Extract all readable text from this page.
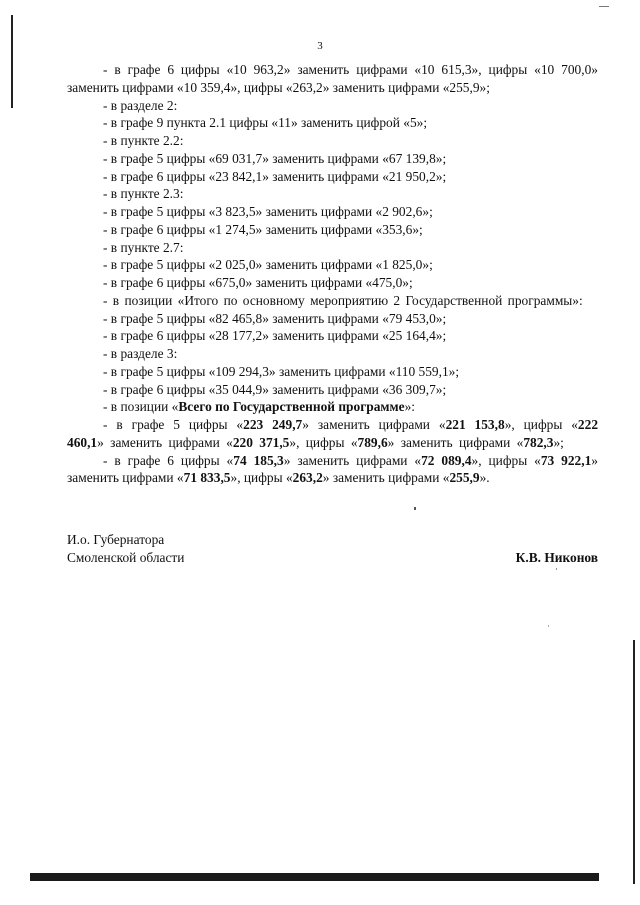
3

- в графе 6 цифры «10 963,2» заменить цифрами «10 615,3», цифры «10 700,0» заменить цифрами «10 359,4», цифры «263,2» заменить цифрами «255,9»;

- в разделе 2:

- в графе 9 пункта 2.1 цифры «11» заменить цифрой «5»;

- в пункте 2.2:

- в графе 5 цифры «69 031,7» заменить цифрами «67 139,8»;

- в графе 6 цифры «23 842,1» заменить цифрами «21 950,2»;

- в пункте 2.3:

- в графе 5 цифры «3 823,5» заменить цифрами «2 902,6»;

- в графе 6 цифры «1 274,5» заменить цифрами «353,6»;

- в пункте 2.7:

- в графе 5 цифры «2 025,0» заменить цифрами «1 825,0»;

- в графе 6 цифры «675,0» заменить цифрами «475,0»;

- в позиции «Итого по основному мероприятию 2 Государственной программы»:

- в графе 5 цифры «82 465,8» заменить цифрами «79 453,0»;

- в графе 6 цифры «28 177,2» заменить цифрами «25 164,4»;

- в разделе 3:

- в графе 5 цифры «109 294,3» заменить цифрами «110 559,1»;

- в графе 6 цифры «35 044,9» заменить цифрами «36 309,7»;

- в позиции «Всего по Государственной программе»:

- в графе 5 цифры «223 249,7» заменить цифрами «221 153,8», цифры «222 460,1» заменить цифрами «220 371,5», цифры «789,6» заменить цифрами «782,3»;

- в графе 6 цифры «74 185,3» заменить цифрами «72 089,4», цифры «73 922,1» заменить цифрами «71 833,5», цифры «263,2» заменить цифрами «255,9».

И.о. Губернатора
Смоленской области	К.В. Никонов
